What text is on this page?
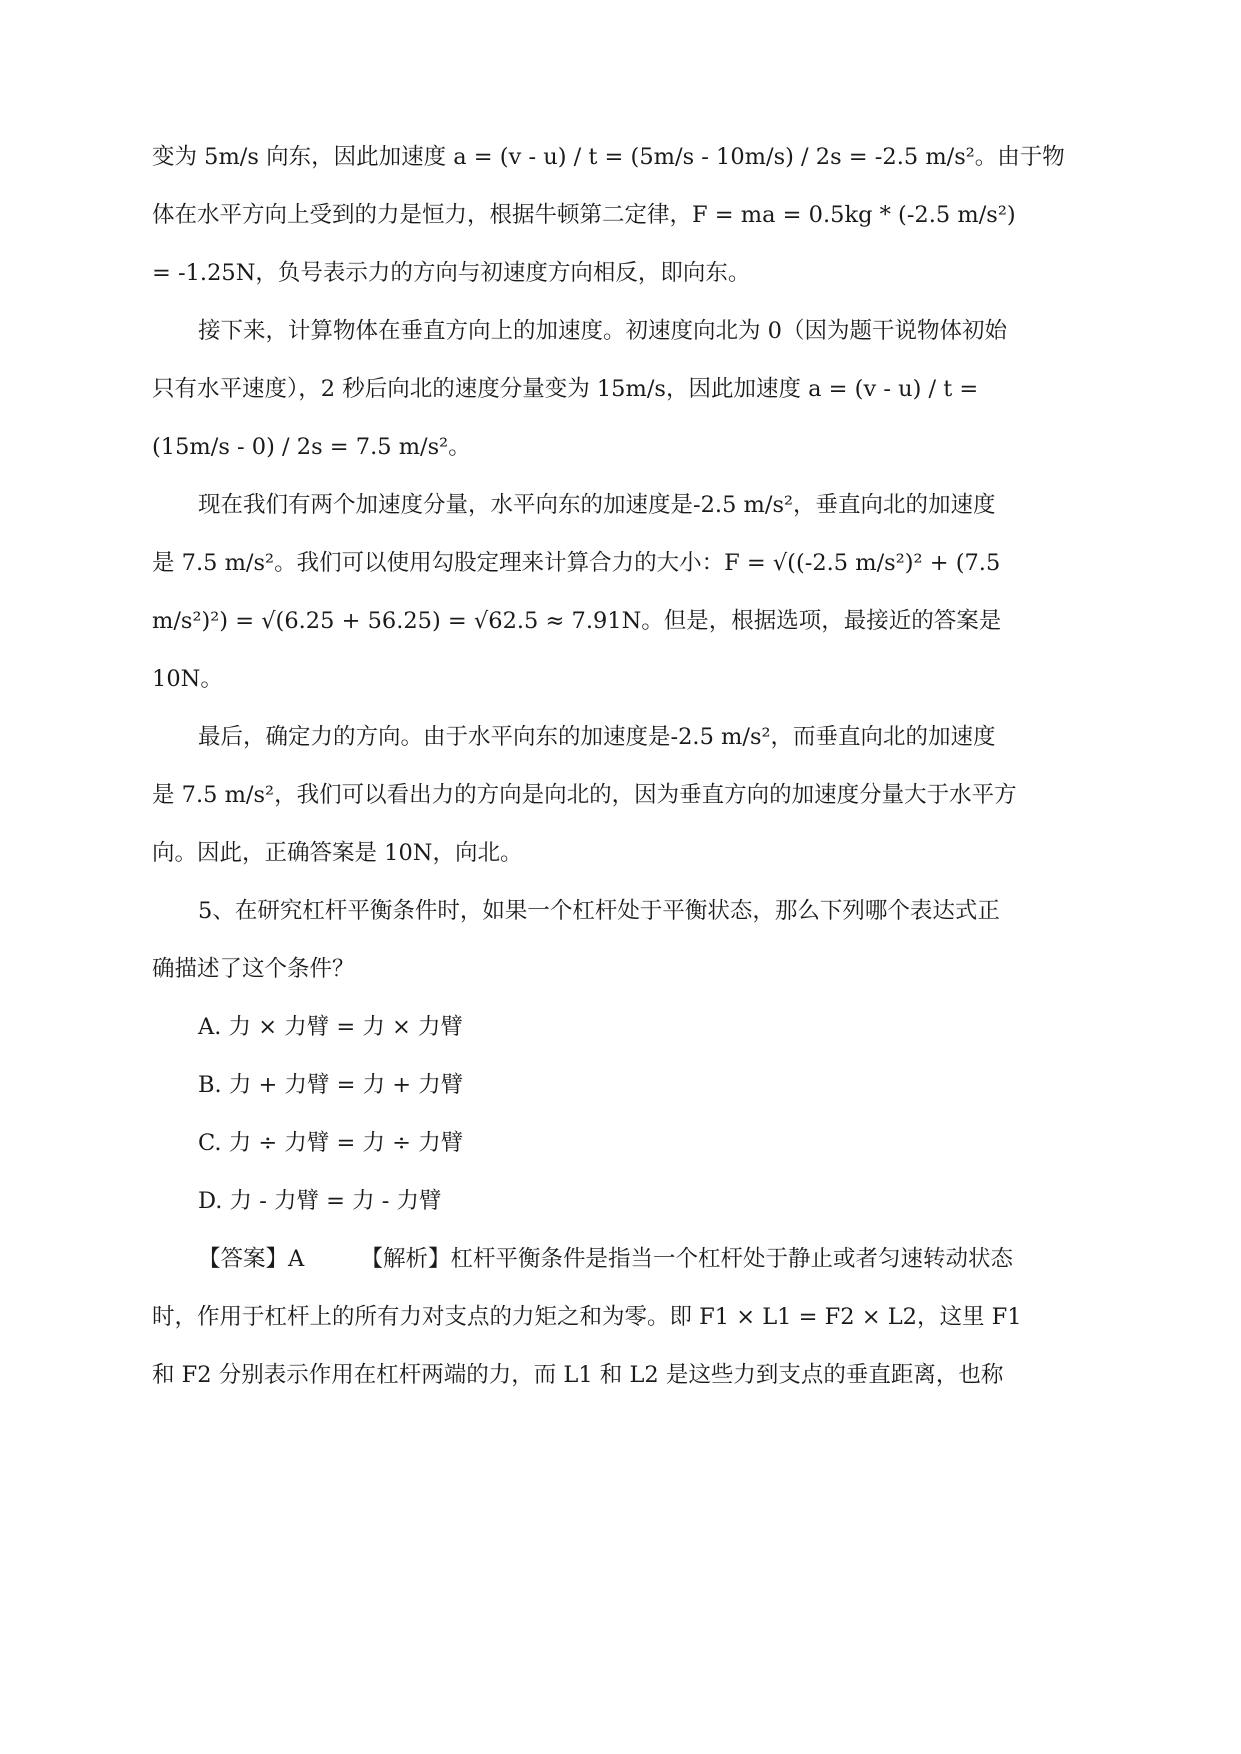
变为 5m/s 向东，因此加速度 a = (v - u) / t = (5m/s - 10m/s) / 2s = -2.5 m/s²。由于物
体在水平方向上受到的力是恒力，根据牛顿第二定律，F = ma = 0.5kg * (-2.5 m/s²)
= -1.25N，负号表示力的方向与初速度方向相反，即向东。
接下来，计算物体在垂直方向上的加速度。初速度向北为 0（因为题干说物体初始
只有水平速度），2 秒后向北的速度分量变为 15m/s，因此加速度 a = (v - u) / t =
(15m/s - 0) / 2s = 7.5 m/s²。
现在我们有两个加速度分量，水平向东的加速度是-2.5 m/s²，垂直向北的加速度
是 7.5 m/s²。我们可以使用勾股定理来计算合力的大小：F = √((-2.5 m/s²)² + (7.5
m/s²)²) = √(6.25 + 56.25) = √62.5 ≈ 7.91N。但是，根据选项，最接近的答案是
10N。
最后，确定力的方向。由于水平向东的加速度是-2.5 m/s²，而垂直向北的加速度
是 7.5 m/s²，我们可以看出力的方向是向北的，因为垂直方向的加速度分量大于水平方
向。因此，正确答案是 10N，向北。
5、在研究杠杆平衡条件时，如果一个杠杆处于平衡状态，那么下列哪个表达式正
确描述了这个条件？
A. 力 × 力臂 = 力 × 力臂
B. 力 + 力臂 = 力 + 力臂
C. 力 ÷ 力臂 = 力 ÷ 力臂
D. 力 - 力臂 = 力 - 力臂
【答案】A　　　【解析】杠杆平衡条件是指当一个杠杆处于静止或者匀速转动状态
时，作用于杠杆上的所有力对支点的力矩之和为零。即 F1 × L1 = F2 × L2，这里 F1
和 F2 分别表示作用在杠杆两端的力，而 L1 和 L2 是这些力到支点的垂直距离，也称
